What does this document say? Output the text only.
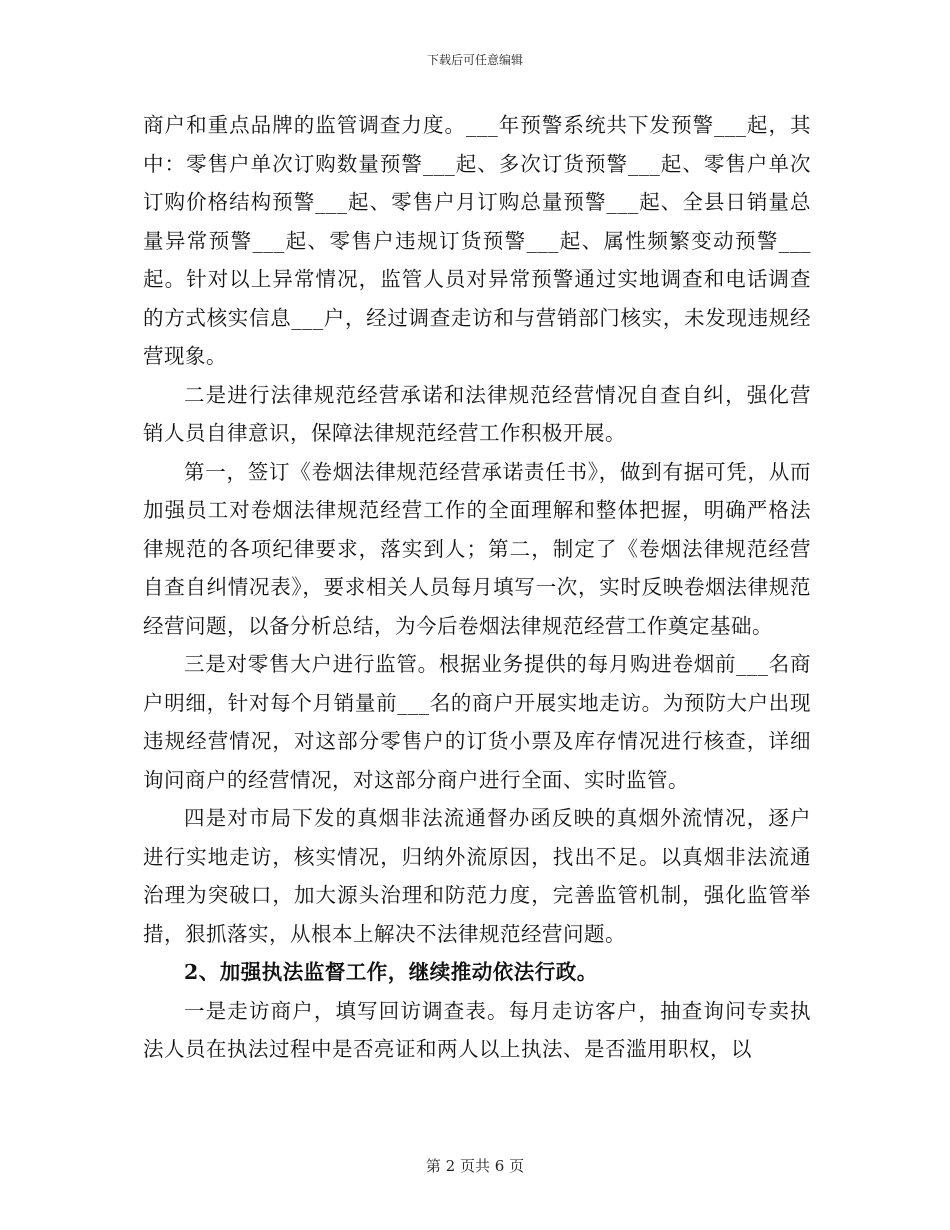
下载后可任意编辑

商户和重点品牌的监管调查力度。___年预警系统共下发预警___起，其中：零售户单次订购数量预警___起、多次订货预警___起、零售户单次订购价格结构预警___起、零售户月订购总量预警___起、全县日销量总量异常预警___起、零售户违规订货预警___起、属性频繁变动预警___起。针对以上异常情况，监管人员对异常预警通过实地调查和电话调查的方式核实信息___户，经过调查走访和与营销部门核实，未发现违规经营现象。

二是进行法律规范经营承诺和法律规范经营情况自查自纠，强化营销人员自律意识，保障法律规范经营工作积极开展。

第一，签订《卷烟法律规范经营承诺责任书》，做到有据可凭，从而加强员工对卷烟法律规范经营工作的全面理解和整体把握，明确严格法律规范的各项纪律要求，落实到人；第二，制定了《卷烟法律规范经营自查自纠情况表》，要求相关人员每月填写一次，实时反映卷烟法律规范经营问题，以备分析总结，为今后卷烟法律规范经营工作奠定基础。

三是对零售大户进行监管。根据业务提供的每月购进卷烟前___名商户明细，针对每个月销量前___名的商户开展实地走访。为预防大户出现违规经营情况，对这部分零售户的订货小票及库存情况进行核查，详细询问商户的经营情况，对这部分商户进行全面、实时监管。

四是对市局下发的真烟非法流通督办函反映的真烟外流情况，逐户进行实地走访，核实情况，归纳外流原因，找出不足。以真烟非法流通治理为突破口，加大源头治理和防范力度，完善监管机制，强化监管举措，狠抓落实，从根本上解决不法律规范经营问题。

2、加强执法监督工作，继续推动依法行政。

一是走访商户，填写回访调查表。每月走访客户，抽查询问专卖执法人员在执法过程中是否亮证和两人以上执法、是否滥用职权，以

第 2 页共 6 页
